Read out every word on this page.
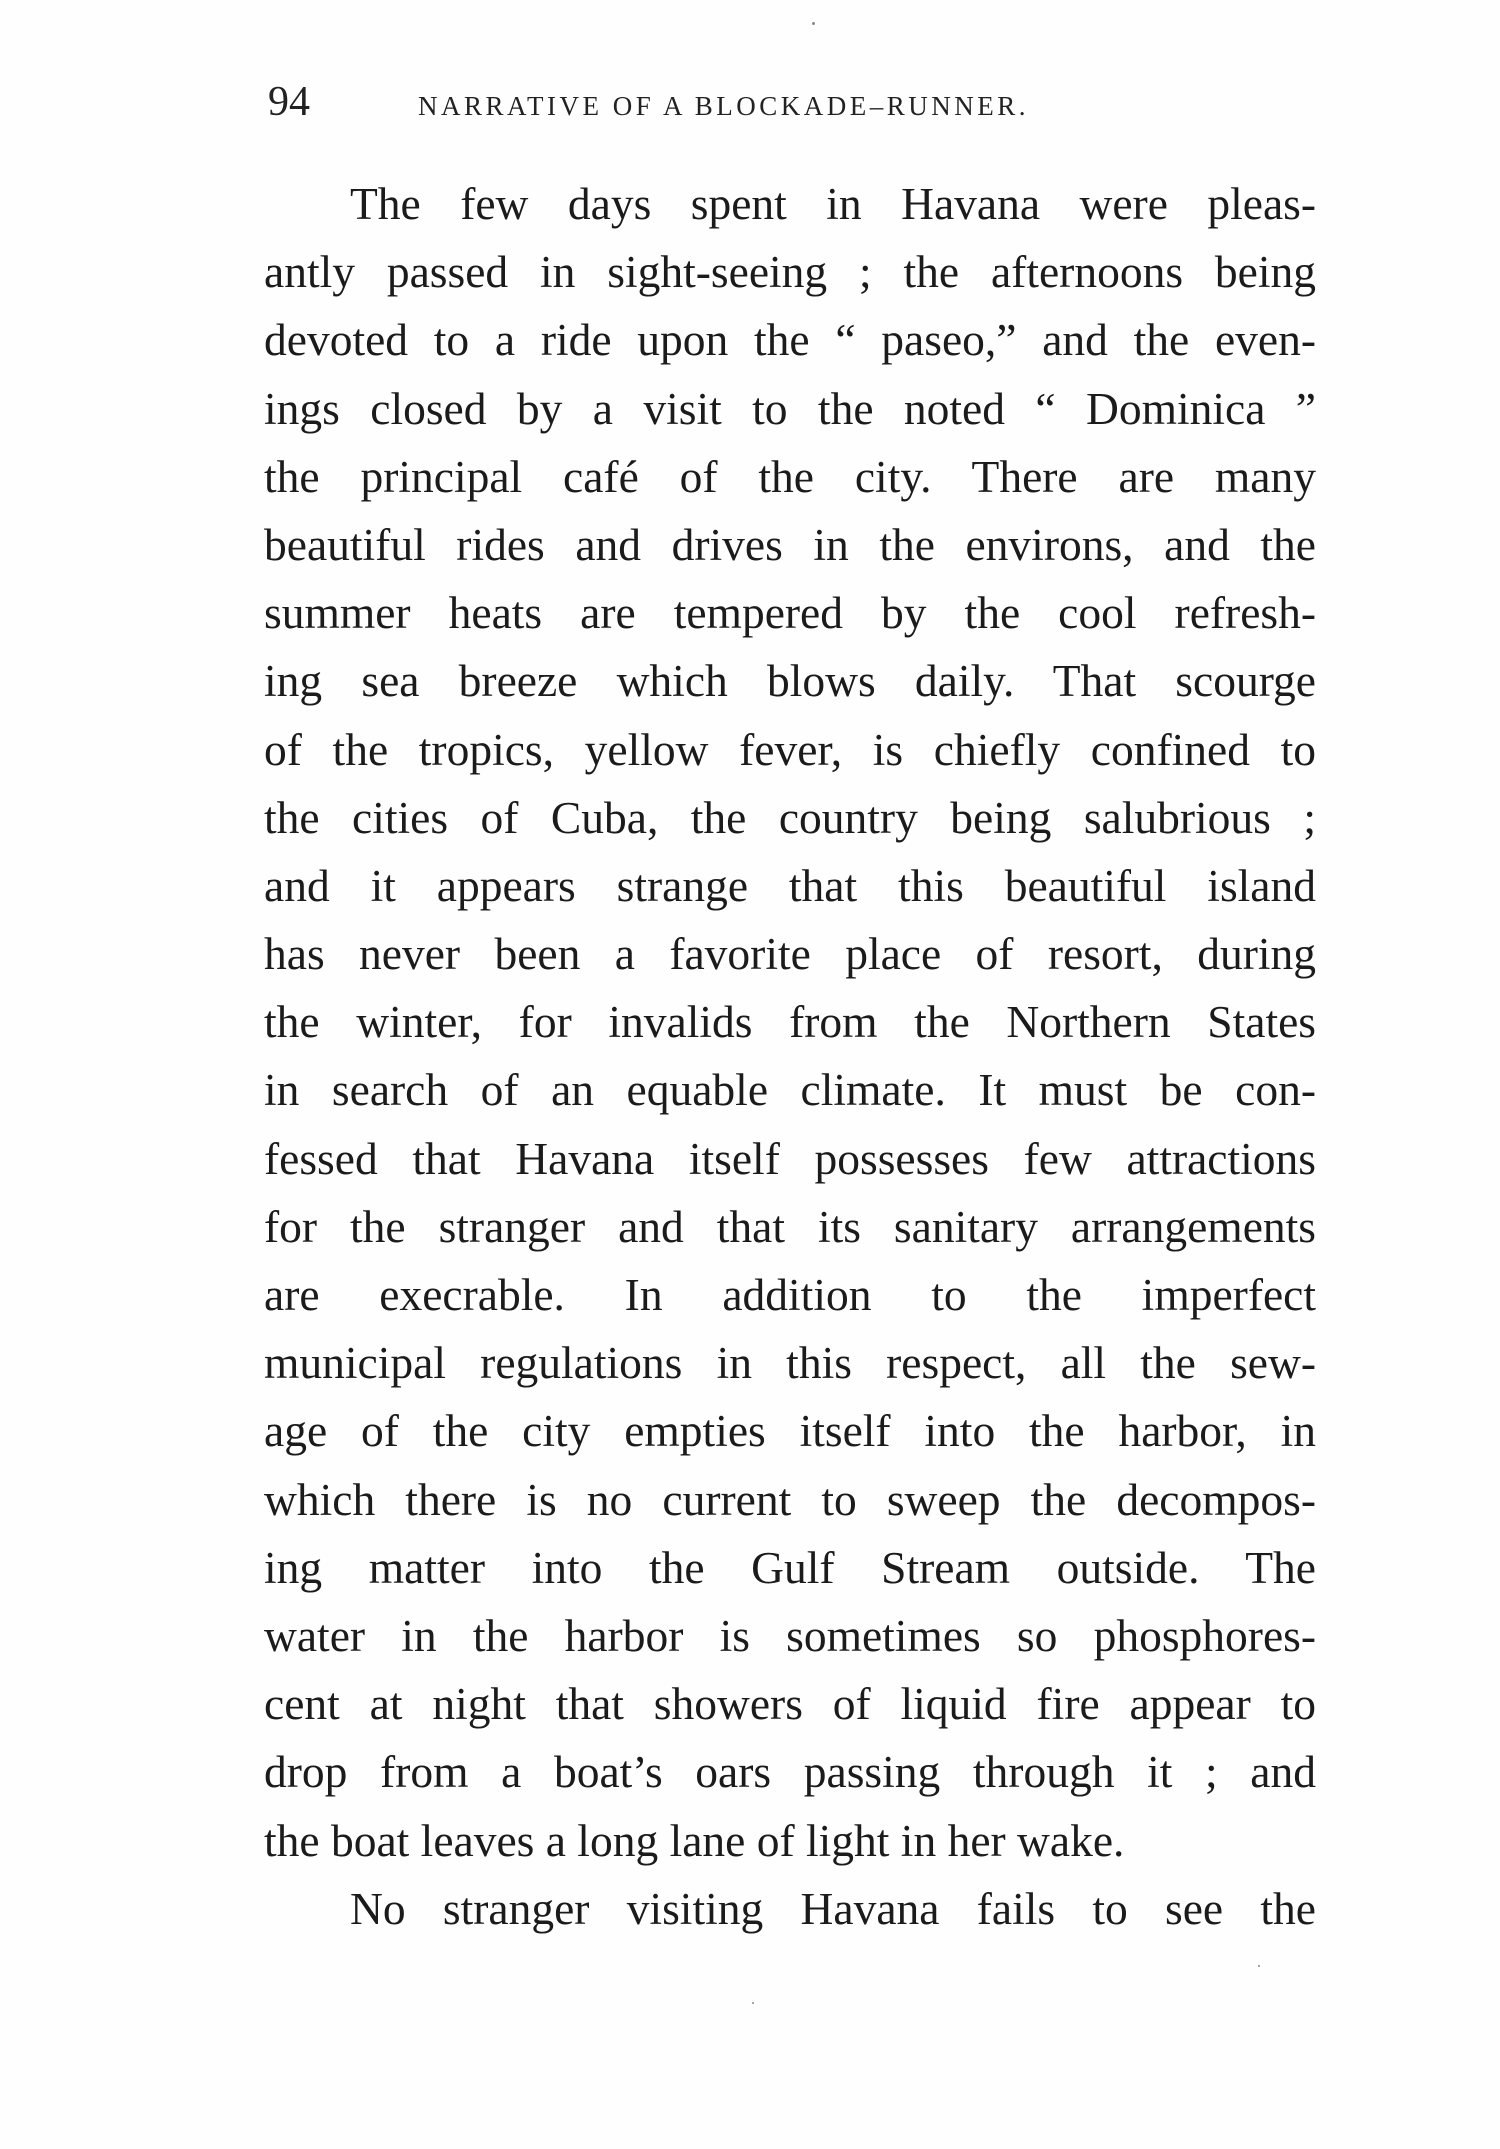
94	NARRATIVE OF A BLOCKADE–RUNNER.
The few days spent in Havana were pleas-
antly passed in sight-seeing ; the afternoons being
devoted to a ride upon the “ paseo,” and the even-
ings closed by a visit to the noted “ Dominica ”
the principal café of the city. There are many
beautiful rides and drives in the environs, and the
summer heats are tempered by the cool refresh-
ing sea breeze which blows daily. That scourge
of the tropics, yellow fever, is chiefly confined to
the cities of Cuba, the country being salubrious ;
and it appears strange that this beautiful island
has never been a favorite place of resort, during
the winter, for invalids from the Northern States
in search of an equable climate. It must be con-
fessed that Havana itself possesses few attractions
for the stranger and that its sanitary arrangements
are execrable. In addition to the imperfect
municipal regulations in this respect, all the sew-
age of the city empties itself into the harbor, in
which there is no current to sweep the decompos-
ing matter into the Gulf Stream outside. The
water in the harbor is sometimes so phosphores-
cent at night that showers of liquid fire appear to
drop from a boat’s oars passing through it ; and
the boat leaves a long lane of light in her wake.
No stranger visiting Havana fails to see the
